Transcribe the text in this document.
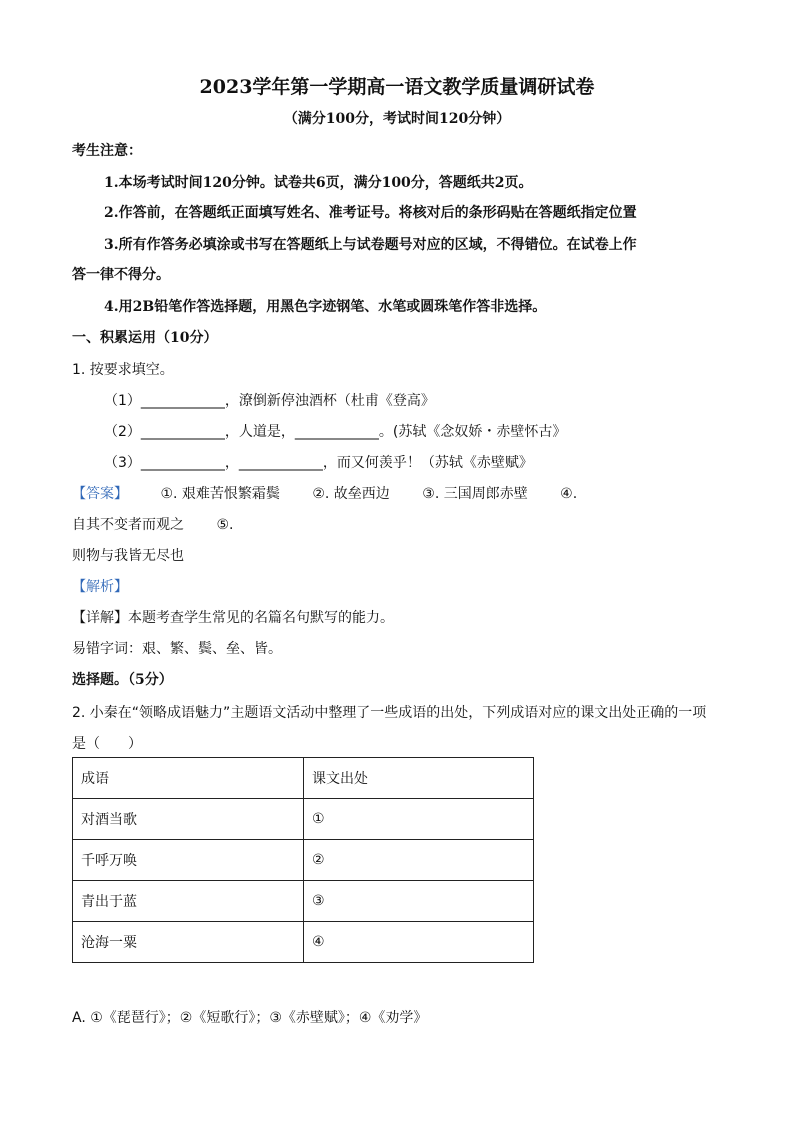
2023学年第一学期高一语文教学质量调研试卷
（满分100分，考试时间120分钟）
考生注意：
1.本场考试时间120分钟。试卷共6页，满分100分，答题纸共2页。
2.作答前，在答题纸正面填写姓名、准考证号。将核对后的条形码贴在答题纸指定位置
3.所有作答务必填涂或书写在答题纸上与试卷题号对应的区域，不得错位。在试卷上作
答一律不得分。
4.用2B铅笔作答选择题，用黑色字迹钢笔、水笔或圆珠笔作答非选择。
一、积累运用（10分）
1. 按要求填空。
（1）____________，潦倒新停浊酒杯（杜甫《登高》
（2）____________，人道是，____________。(苏轼《念奴娇・赤壁怀古》
（3）____________，____________，而又何羡乎！（苏轼《赤壁赋》
【答案】 ①. 艰难苦恨繁霜鬓 ②. 故垒西边 ③. 三国周郎赤壁 ④.
自其不变者而观之 ⑤.
则物与我皆无尽也
【解析】
【详解】本题考查学生常见的名篇名句默写的能力。
易错字词：艰、繁、鬓、垒、皆。
选择题。（5分）
2. 小秦在“领略成语魅力”主题语文活动中整理了一些成语的出处，下列成语对应的课文出处正确的一项
是（　　）
成语	课文出处
对酒当歌	①
千呼万唤	②
青出于蓝	③
沧海一粟	④
A. ①《琵琶行》；②《短歌行》；③《赤壁赋》；④《劝学》
